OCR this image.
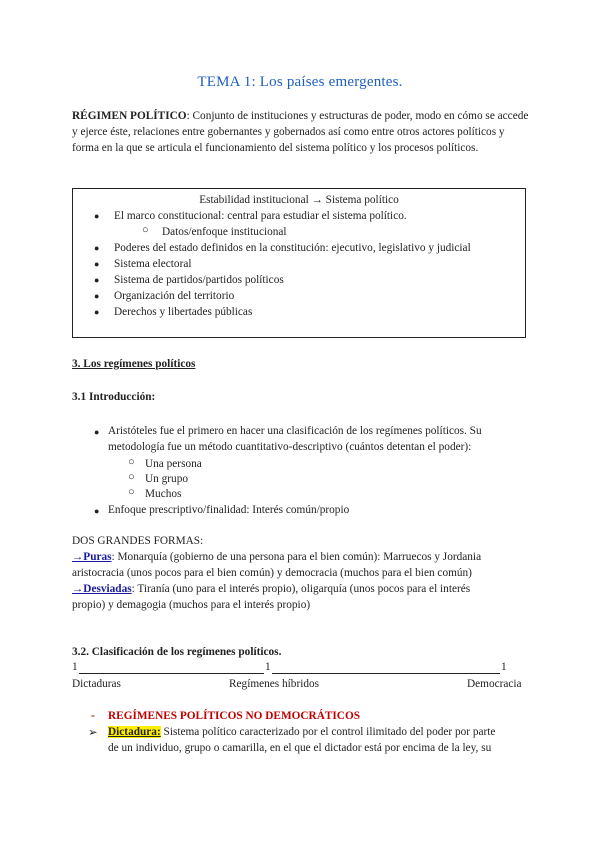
TEMA 1: Los países emergentes.
RÉGIMEN POLÍTICO: Conjunto de instituciones y estructuras de poder, modo en cómo se accede y ejerce éste, relaciones entre gobernantes y gobernados así como entre otros actores políticos y forma en la que se articula el funcionamiento del sistema político y los procesos políticos.
Estabilidad institucional → Sistema político
● El marco constitucional: central para estudiar el sistema político.
○ Datos/enfoque institucional
● Poderes del estado definidos en la constitución: ejecutivo, legislativo y judicial
● Sistema electoral
● Sistema de partidos/partidos políticos
● Organización del territorio
● Derechos y libertades públicas
3. Los regímenes políticos
3.1 Introducción:
● Aristóteles fue el primero en hacer una clasificación de los regímenes políticos. Su
metodología fue un método cuantitativo-descriptivo (cuántos detentan el poder):
○ Una persona
○ Un grupo
○ Muchos
● Enfoque prescriptivo/finalidad: Interés común/propio
DOS GRANDES FORMAS:
→Puras: Monarquía (gobierno de una persona para el bien común): Marruecos y Jordania
aristocracia (unos pocos para el bien común) y democracia (muchos para el bien común)
→Desviadas: Tiranía (uno para el interés propio), oligarquía (unos pocos para el interés
propio) y demagogia (muchos para el interés propio)
3.2. Clasificación de los regímenes políticos.
1	1	1
Dictaduras	Regímenes híbridos	Democracia
- REGÍMENES POLÍTICOS NO DEMOCRÁTICOS
➢ Dictadura: Sistema político caracterizado por el control ilimitado del poder por parte
de un individuo, grupo o camarilla, en el que el dictador está por encima de la ley, su
